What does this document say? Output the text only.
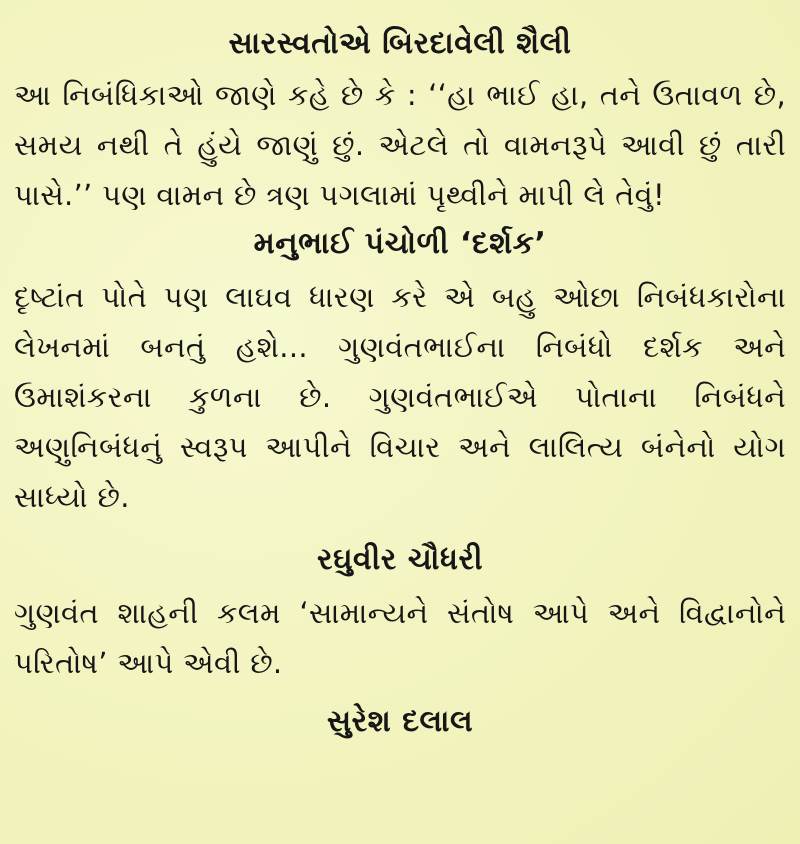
સારસ્વતોએ બિરદાવેલી શૈલી

આ નિબંધિકાઓ જાણે કહે છે કે : ‘‘હા ભાઈ હા, તને ઉતાવળ છે, સમય નથી તે હુંયે જાણું છું. એટલે તો વામનરૂપે આવી છું તારી પાસે.’’ પણ વામન છે ત્રણ પગલામાં પૃથ્વીને માપી લે તેવું!

મનુભાઈ પંચોળી ‘દર્શક’

દૃષ્ટાંત પોતે પણ લાઘવ ધારણ કરે એ બહુ ઓછા નિબંધકારોના લેખનમાં બનતું હશે... ગુણવંતભાઈના નિબંધો દર્શક અને ઉમાશંકરના કુળના છે. ગુણવંતભાઈએ પોતાના નિબંધને અણુનિબંધનું સ્વરૂપ આપીને વિચાર અને લાલિત્ય બંનેનો યોગ સાધ્યો છે.

રઘુવીર ચૌધરી

ગુણવંત શાહની કલમ ‘સામાન્યને સંતોષ આપે અને વિદ્વાનોને પરિતોષ’ આપે એવી છે.

સુરેશ દલાલ
